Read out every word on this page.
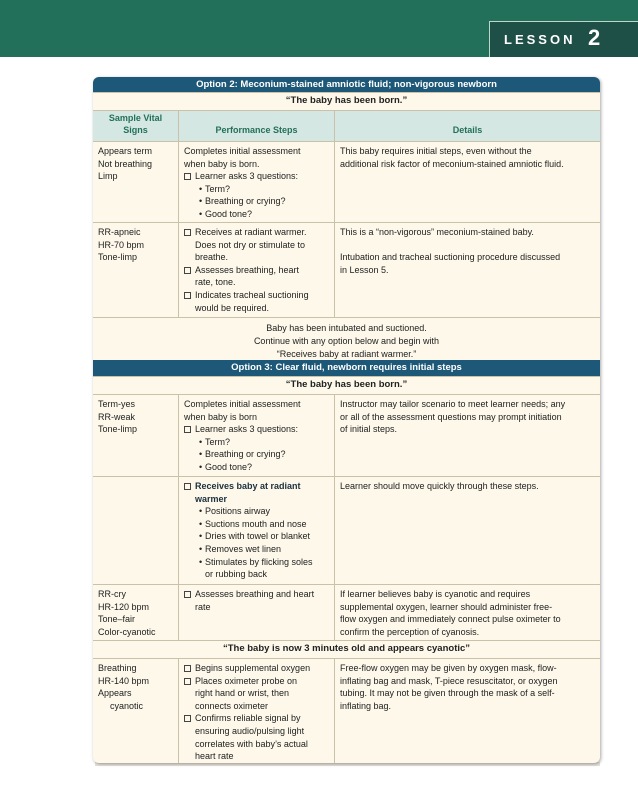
LESSON 2
Option 2: Meconium-stained amniotic fluid; non-vigorous newborn
“The baby has been born.”
Sample Vital Signs	Performance Steps	Details
Appears term
Not breathing
Limp
Completes initial assessment
when baby is born.
Learner asks 3 questions:
• Term?
• Breathing or crying?
• Good tone?
This baby requires initial steps, even without the
additional risk factor of meconium-stained amniotic fluid.
RR-apneic
HR-70 bpm
Tone-limp
Receives at radiant warmer.
Does not dry or stimulate to
breathe.
Assesses breathing, heart
rate, tone.
Indicates tracheal suctioning
would be required.
This is a “non-vigorous” meconium-stained baby.
Intubation and tracheal suctioning procedure discussed
in Lesson 5.
Baby has been intubated and suctioned.
Continue with any option below and begin with
“Receives baby at radiant warmer.”
Option 3: Clear fluid, newborn requires initial steps
“The baby has been born.”
Term-yes
RR-weak
Tone-limp
Completes initial assessment
when baby is born
Learner asks 3 questions:
• Term?
• Breathing or crying?
• Good tone?
Instructor may tailor scenario to meet learner needs; any
or all of the assessment questions may prompt initiation
of initial steps.
Receives baby at radiant
warmer
• Positions airway
• Suctions mouth and nose
• Dries with towel or blanket
• Removes wet linen
• Stimulates by flicking soles
or rubbing back
Learner should move quickly through these steps.
RR-cry
HR-120 bpm
Tone–fair
Color-cyanotic
Assesses breathing and heart
rate
If learner believes baby is cyanotic and requires
supplemental oxygen, learner should administer free-
flow oxygen and immediately connect pulse oximeter to
confirm the perception of cyanosis.
“The baby is now 3 minutes old and appears cyanotic”
Breathing
HR-140 bpm
Appears
cyanotic
Begins supplemental oxygen
Places oximeter probe on
right hand or wrist, then
connects oximeter
Confirms reliable signal by
ensuring audio/pulsing light
correlates with baby’s actual
heart rate
Free-flow oxygen may be given by oxygen mask, flow-
inflating bag and mask, T-piece resuscitator, or oxygen
tubing. It may not be given through the mask of a self-
inflating bag.
